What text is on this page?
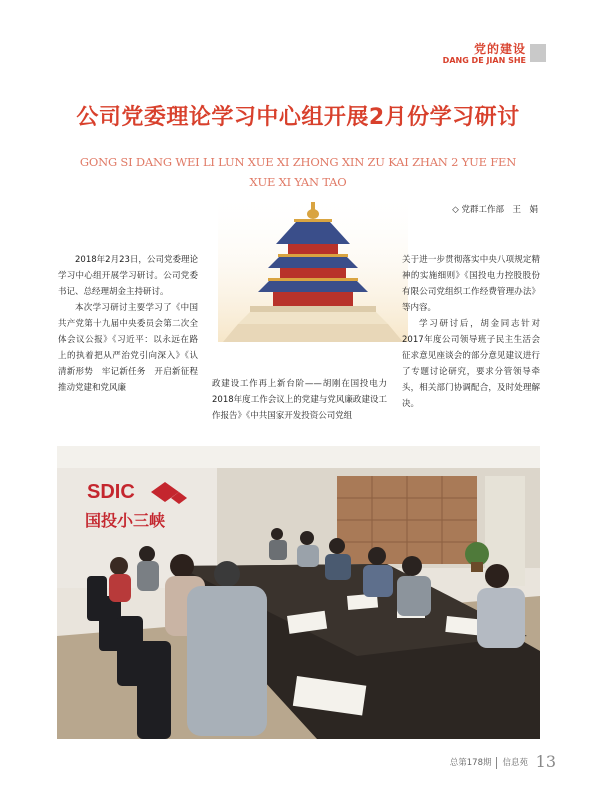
党的建设
DANG DE JIAN SHE
公司党委理论学习中心组开展2月份学习研讨
GONG SI DANG WEI LI LUN XUE XI ZHONG XIN ZU KAI ZHAN 2 YUE FEN
XUE XI YAN TAO
◇ 党群工作部　王　娟

2018年2月23日，公司党委理论学习中心组开展学习研讨。公司党委书记、总经理胡金主持研讨。

本次学习研讨主要学习了《中国共产党第十九届中央委员会第二次全体会议公报》《习近平：以永远在路上的执着把从严治党引向深入》《认清新形势　牢记新任务　开启新征程　推动党建和党风廉	政建设工作再上新台阶——胡刚在国投电力2018年度工作会议上的党建与党风廉政建设工作报告》《中共国家开发投资公司党组

关于进一步贯彻落实中央八项规定精神的实施细则》《国投电力控股股份有限公司党组织工作经费管理办法》等内容。

学习研讨后，胡金同志针对2017年度公司领导班子民主生活会征求意见座谈会的部分意见建议进行了专题讨论研究，要求分管领导牵头，相关部门协调配合，及时处理解决。

SDIC
国投小三峡
总第178期 信息苑 13
